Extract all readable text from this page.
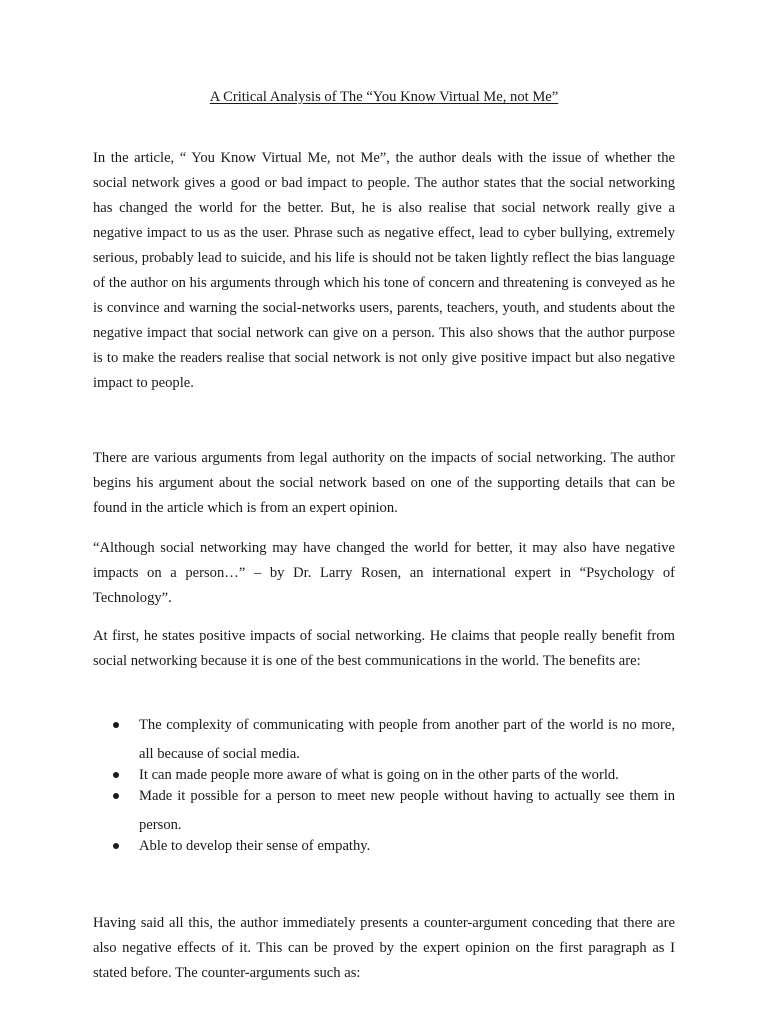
A Critical Analysis of The “You Know Virtual Me, not Me”

In the article, “ You Know Virtual Me, not Me”, the author deals with the issue of whether the social network gives a good or bad impact to people. The author states that the social networking has changed the world for the better. But, he is also realise that social network really give a negative impact to us as the user. Phrase such as negative effect, lead to cyber bullying, extremely serious, probably lead to suicide, and his life is should not be taken lightly reflect the bias language of the author on his arguments through which his tone of concern and threatening is conveyed as he is convince and warning the social-networks users, parents, teachers, youth, and students about the negative impact that social network can give on a person. This also shows that the author purpose is to make the readers realise that social network is not only give positive impact but also negative impact to people.

There are various arguments from legal authority on the impacts of social networking. The author begins his argument about the social network based on one of the supporting details that can be found in the article which is from an expert opinion.

“Although social networking may have changed the world for better, it may also have negative impacts on a person…” – by Dr. Larry Rosen, an international expert in “Psychology of Technology”.

At first, he states positive impacts of social networking. He claims that people really benefit from social networking because it is one of the best communications in the world. The benefits are:

The complexity of communicating with people from another part of the world is no more, all because of social media.
It can made people more aware of what is going on in the other parts of the world.
Made it possible for a person to meet new people without having to actually see them in person.
Able to develop their sense of empathy.

Having said all this, the author immediately presents a counter-argument conceding that there are also negative effects of it. This can be proved by the expert opinion on the first paragraph as I stated before. The counter-arguments such as:
